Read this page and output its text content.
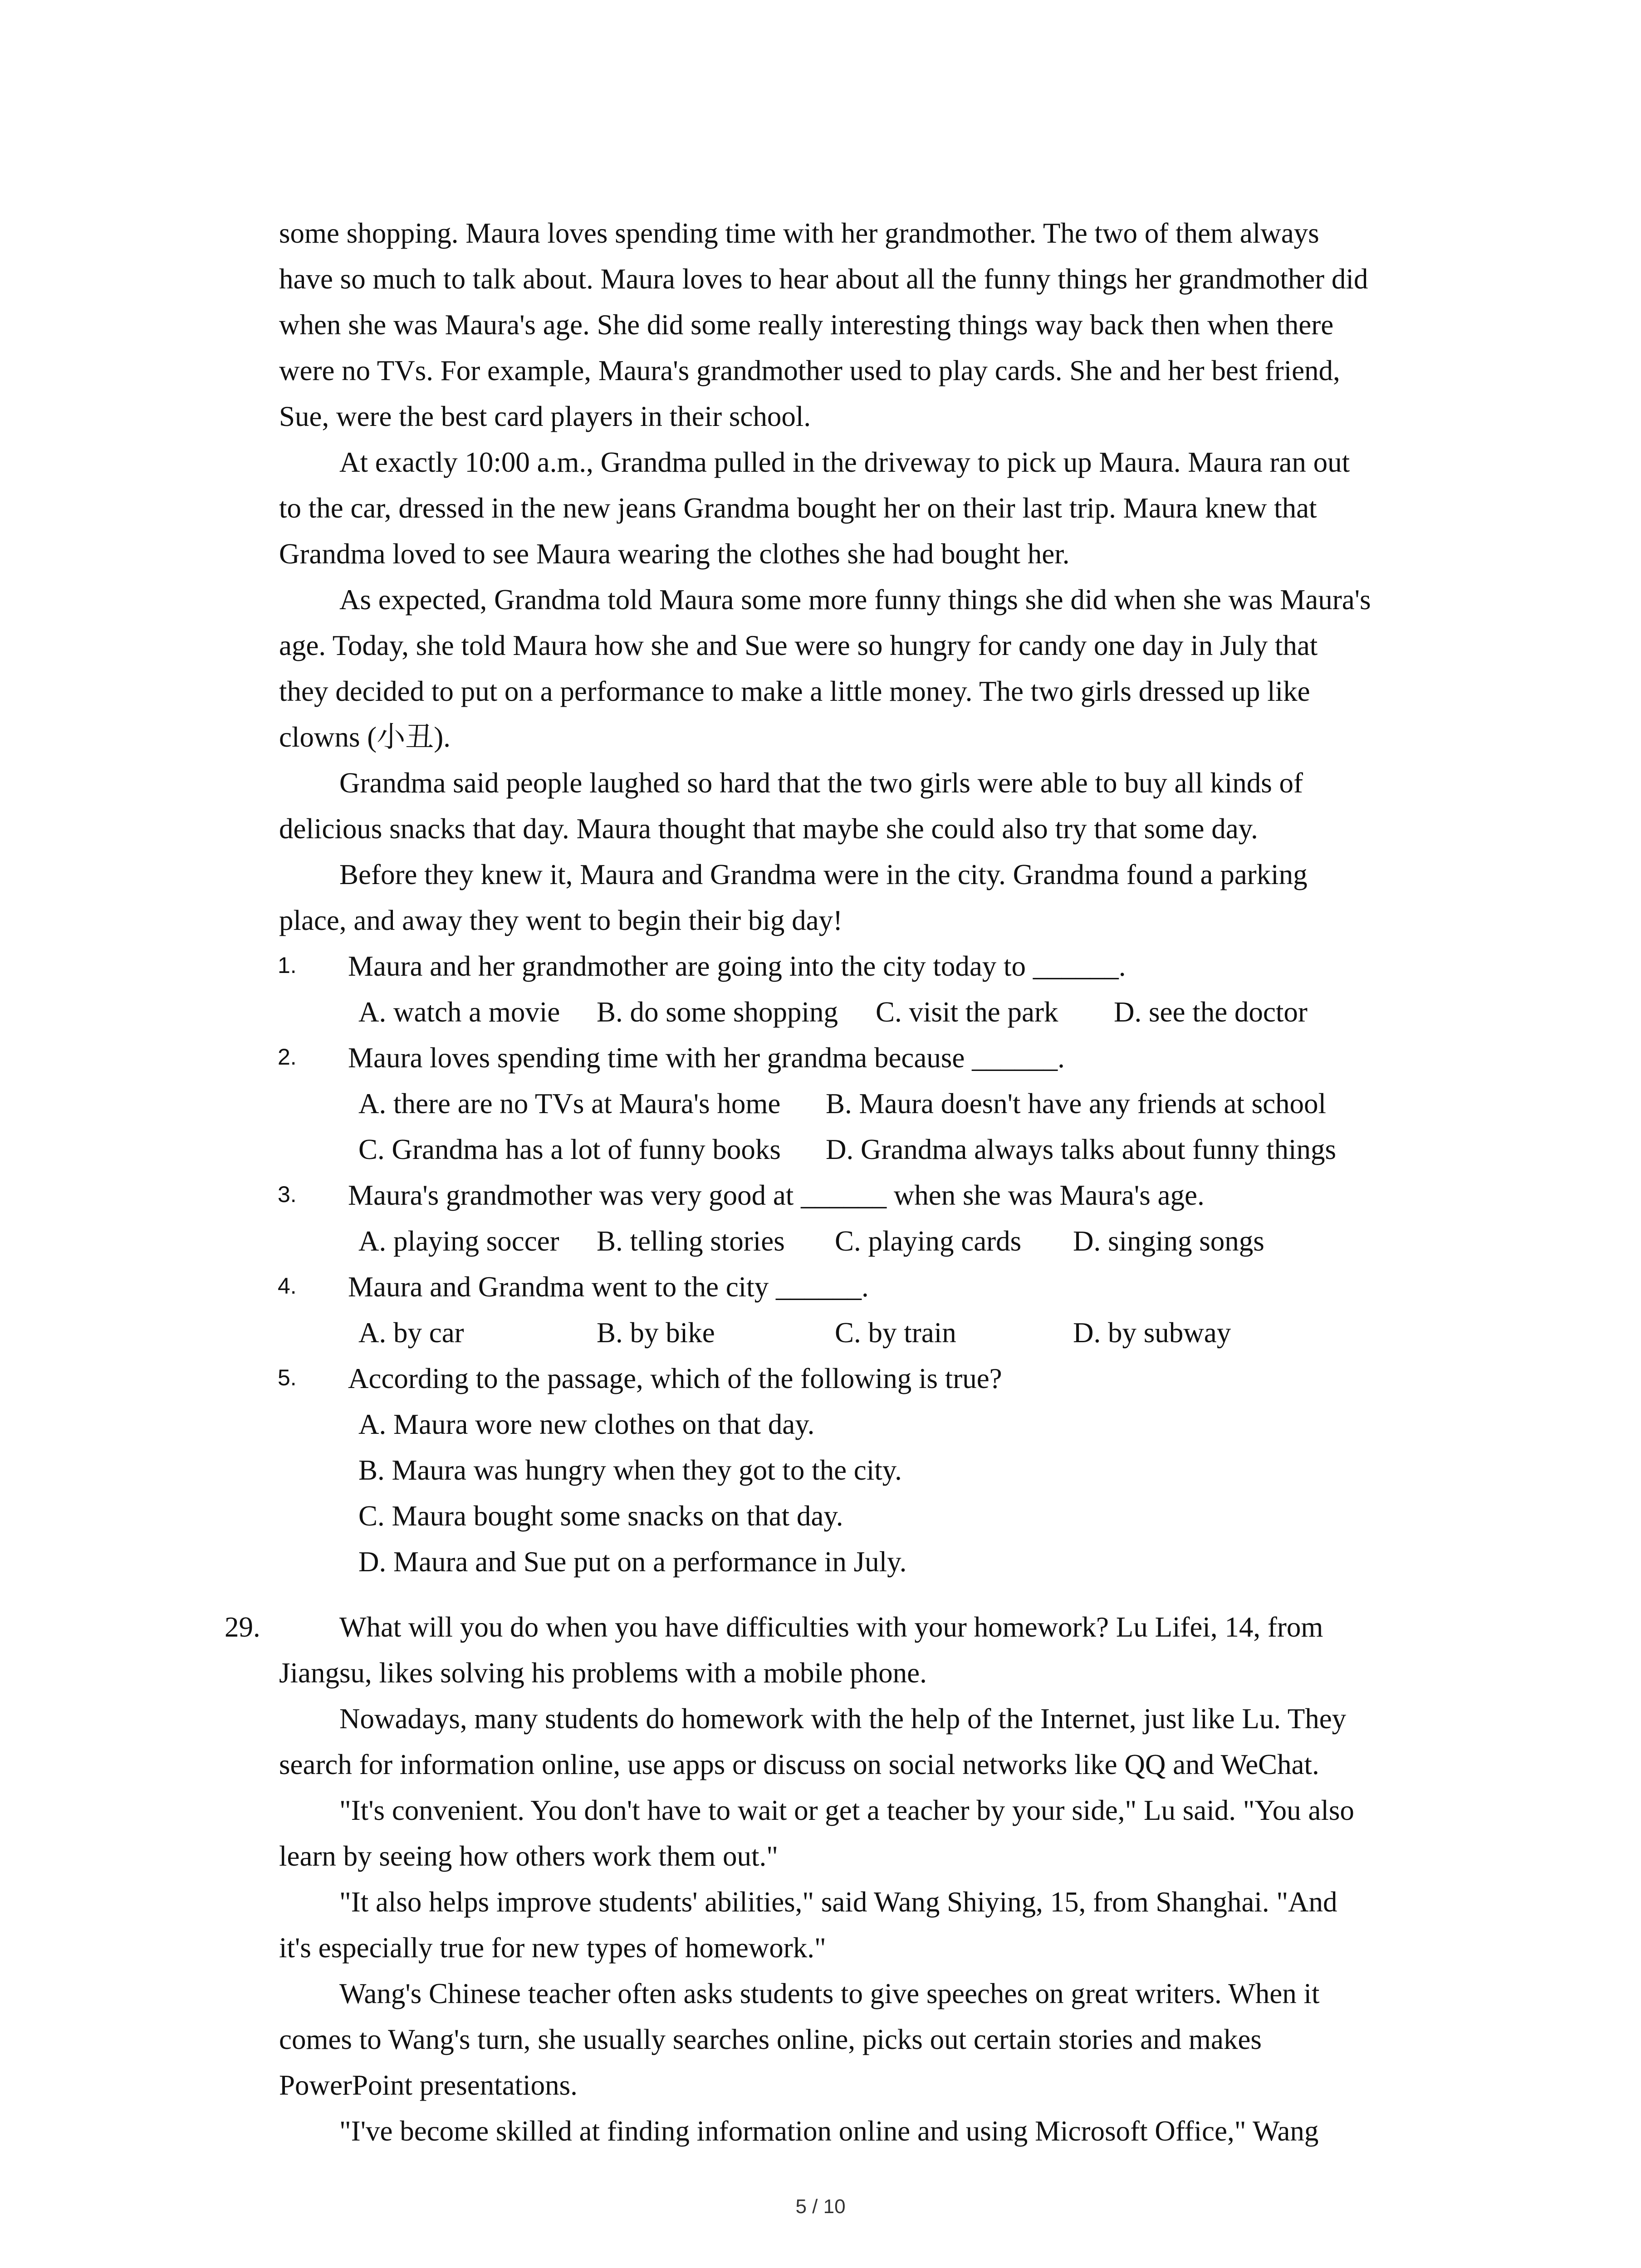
some shopping. Maura loves spending time with her grandmother. The two of them always
have so much to talk about. Maura loves to hear about all the funny things her grandmother did
when she was Maura's age. She did some really interesting things way back then when there
were no TVs. For example, Maura's grandmother used to play cards. She and her best friend,
Sue, were the best card players in their school.
At exactly 10:00 a.m., Grandma pulled in the driveway to pick up Maura. Maura ran out
to the car, dressed in the new jeans Grandma bought her on their last trip. Maura knew that
Grandma loved to see Maura wearing the clothes she had bought her.
As expected, Grandma told Maura some more funny things she did when she was Maura's
age. Today, she told Maura how she and Sue were so hungry for candy one day in July that
they decided to put on a performance to make a little money. The two girls dressed up like
clowns (小丑).
Grandma said people laughed so hard that the two girls were able to buy all kinds of
delicious snacks that day. Maura thought that maybe she could also try that some day.
Before they knew it, Maura and Grandma were in the city. Grandma found a parking
place, and away they went to begin their big day!
1. Maura and her grandmother are going into the city today to ______.
A. watch a movie B. do some shopping C. visit the park D. see the doctor
2. Maura loves spending time with her grandma because ______.
A. there are no TVs at Maura's home B. Maura doesn't have any friends at school
C. Grandma has a lot of funny books D. Grandma always talks about funny things
3. Maura's grandmother was very good at ______ when she was Maura's age.
A. playing soccer B. telling stories C. playing cards D. singing songs
4. Maura and Grandma went to the city ______.
A. by car	B. by bike	C. by train	D. by subway
5. According to the passage, which of the following is true?
A. Maura wore new clothes on that day.
B. Maura was hungry when they got to the city.
C. Maura bought some snacks on that day.
D. Maura and Sue put on a performance in July.
29.	What will you do when you have difficulties with your homework? Lu Lifei, 14, from
Jiangsu, likes solving his problems with a mobile phone.
Nowadays, many students do homework with the help of the Internet, just like Lu. They
search for information online, use apps or discuss on social networks like QQ and WeChat.
"It's convenient. You don't have to wait or get a teacher by your side," Lu said. "You also
learn by seeing how others work them out."
"It also helps improve students' abilities," said Wang Shiying, 15, from Shanghai. "And
it's especially true for new types of homework."
Wang's Chinese teacher often asks students to give speeches on great writers. When it
comes to Wang's turn, she usually searches online, picks out certain stories and makes
PowerPoint presentations.
"I've become skilled at finding information online and using Microsoft Office," Wang
5 / 10
